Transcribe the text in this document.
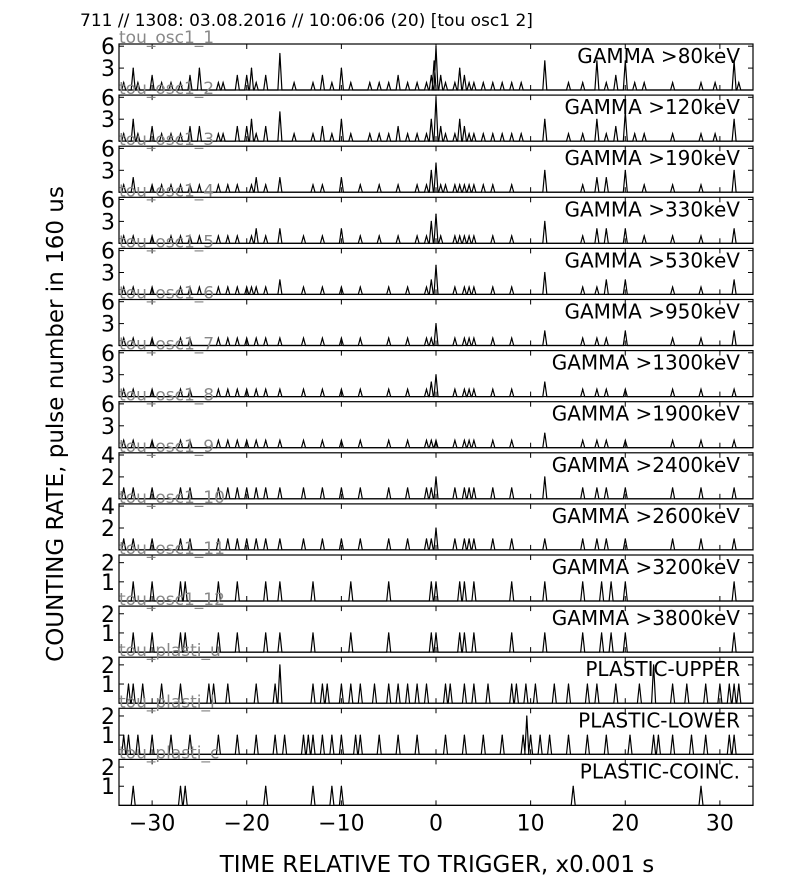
711 // 1308: 03.08.2016 // 10:06:06 (20) [tou osc1 2]
3
6	GAMMA >80keV
tou_osc1_1
3
6	GAMMA >120keV
tou_osc1_2
3
6	GAMMA >190keV
tou_osc1_3
3
6	GAMMA >330keV
tou_osc1_4
3
6	GAMMA >530keV
tou_osc1_5
3
6	GAMMA >950keV
tou_osc1_6
3
6	GAMMA >1300keV
tou_osc1_7
3
6	GAMMA >1900keV
tou_osc1_8
2
4	GAMMA >2400keV
tou_osc1_9
2
4	GAMMA >2600keV
tou_osc1_10
1
2	GAMMA >3200keV
tou_osc1_11
1
2	GAMMA >3800keV
tou_osc1_12
1
2	PLASTIC-UPPER
tou_plasti_u
1
2	PLASTIC-LOWER
tou_plasti_l
1
2	PLASTIC-COINC.
tou_plasti_c
−30 −20 −10	0	10	20	30
COUNTING RATE, pulse number in 160 us
TIME RELATIVE TO TRIGGER, x0.001 s
